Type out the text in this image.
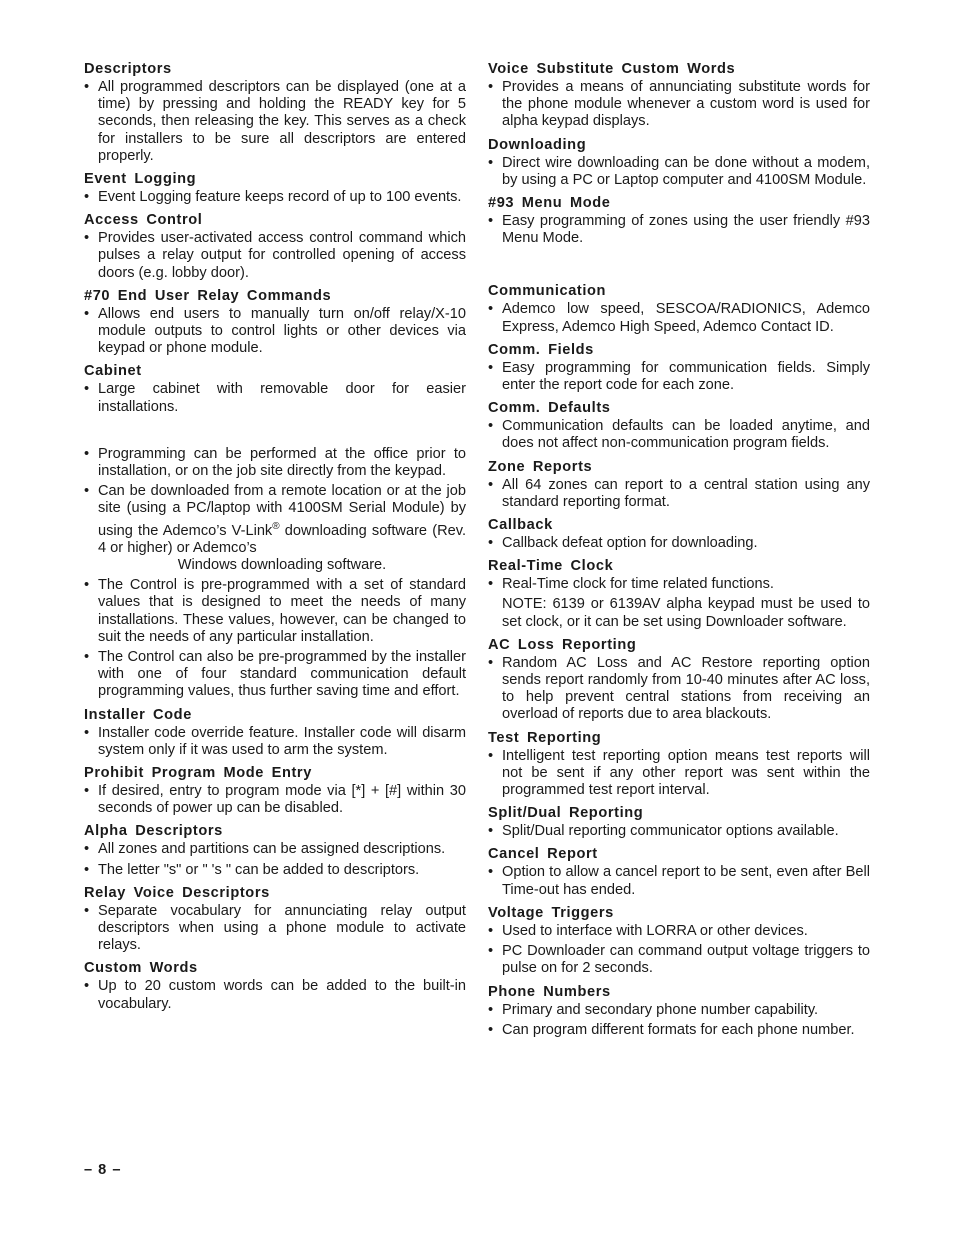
Descriptors
• All programmed descriptors can be displayed (one at a time) by pressing and holding the READY key for 5 seconds, then releasing the key. This serves as a check for installers to be sure all descriptors are entered properly.
Event Logging
• Event Logging feature keeps record of up to 100 events.
Access Control
• Provides user-activated access control command which pulses a relay output for controlled opening of access doors (e.g. lobby door).
#70 End User Relay Commands
• Allows end users to manually turn on/off relay/X-10 module outputs to control lights or other devices via keypad or phone module.
Cabinet
• Large cabinet with removable door for easier installations.
• Programming can be performed at the office prior to installation, or on the job site directly from the keypad.
• Can be downloaded from a remote location or at the job site (using a PC/laptop with 4100SM Serial Module) by using the Ademco’s V-Link® downloading software (Rev. 4 or higher) or Ademco’s
Windows downloading software.
• The Control is pre-programmed with a set of standard values that is designed to meet the needs of many installations. These values, however, can be changed to suit the needs of any particular installation.
• The Control can also be pre-programmed by the installer with one of four standard communication default programming values, thus further saving time and effort.
Installer Code
• Installer code override feature. Installer code will disarm system only if it was used to arm the system.
Prohibit Program Mode Entry
• If desired, entry to program mode via [*] + [#] within 30 seconds of power up can be disabled.
Alpha Descriptors
• All zones and partitions can be assigned descriptions.
• The letter "s" or " 's " can be added to descriptors.
Relay Voice Descriptors
• Separate vocabulary for annunciating relay output descriptors when using a phone module to activate relays.
Custom Words
• Up to 20 custom words can be added to the built-in vocabulary.
Voice Substitute Custom Words
• Provides a means of annunciating substitute words for the phone module whenever a custom word is used for alpha keypad displays.
Downloading
• Direct wire downloading can be done without a modem, by using a PC or Laptop computer and 4100SM Module.
#93 Menu Mode
• Easy programming of zones using the user friendly #93 Menu Mode.
Communication
• Ademco low speed, SESCOA/RADIONICS, Ademco Express, Ademco High Speed, Ademco Contact ID.
Comm. Fields
• Easy programming for communication fields. Simply enter the report code for each zone.
Comm. Defaults
• Communication defaults can be loaded anytime, and does not affect non-communication program fields.
Zone Reports
• All 64 zones can report to a central station using any standard reporting format.
Callback
• Callback defeat option for downloading.
Real-Time Clock
• Real-Time clock for time related functions.
NOTE: 6139 or 6139AV alpha keypad must be used to set clock, or it can be set using Downloader software.
AC Loss Reporting
• Random AC Loss and AC Restore reporting option sends report randomly from 10-40 minutes after AC loss, to help prevent central stations from receiving an overload of reports due to area blackouts.
Test Reporting
• Intelligent test reporting option means test reports will not be sent if any other report was sent within the programmed test report interval.
Split/Dual Reporting
• Split/Dual reporting communicator options available.
Cancel Report
• Option to allow a cancel report to be sent, even after Bell Time-out has ended.
Voltage Triggers
• Used to interface with LORRA or other devices.
• PC Downloader can command output voltage triggers to pulse on for 2 seconds.
Phone Numbers
• Primary and secondary phone number capability.
• Can program different formats for each phone number.
– 8 –
